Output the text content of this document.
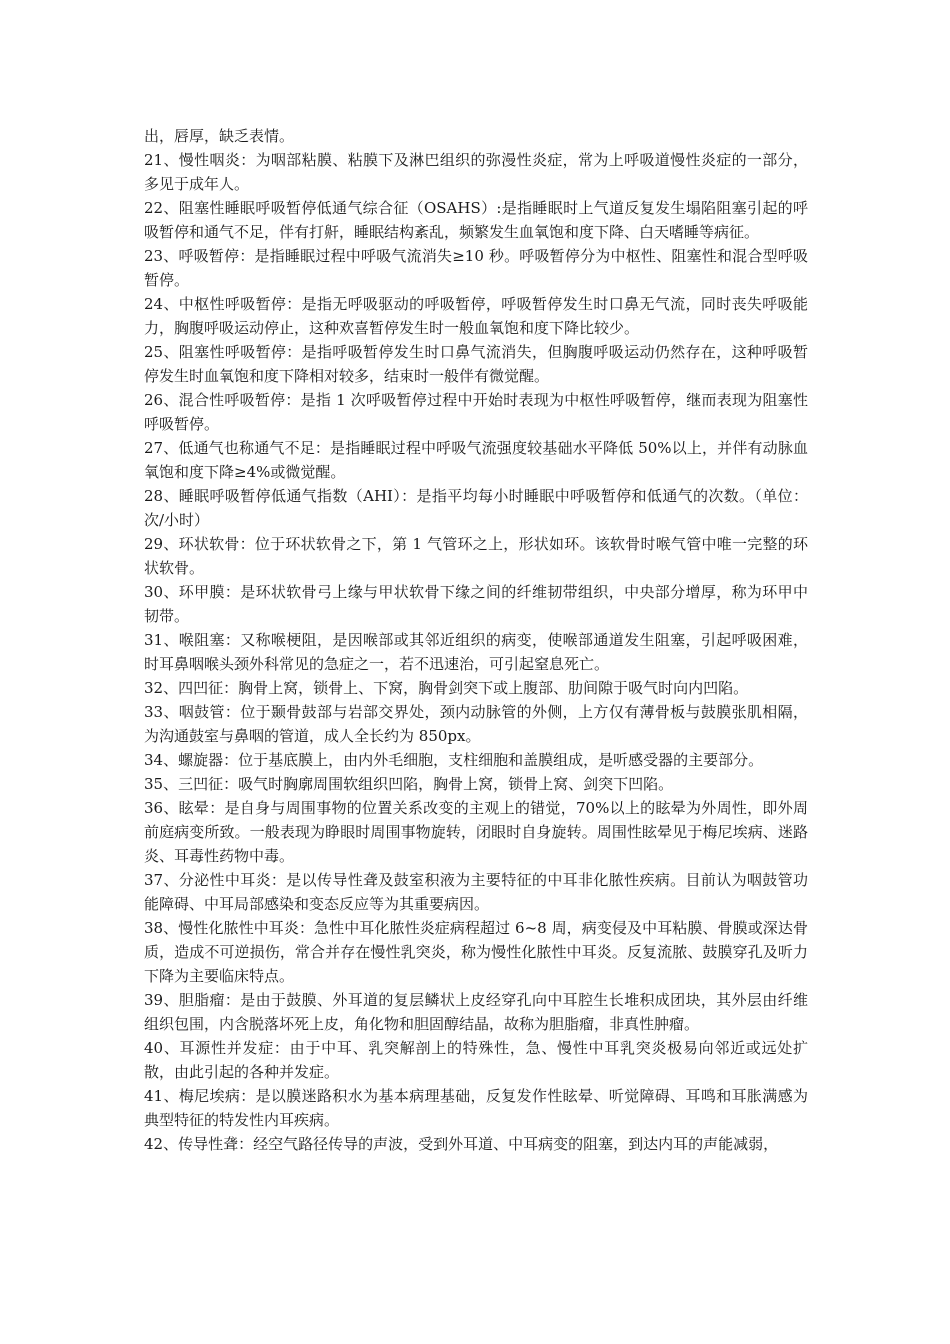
出，唇厚，缺乏表情。

21、慢性咽炎：为咽部粘膜、粘膜下及淋巴组织的弥漫性炎症，常为上呼吸道慢性炎症的一部分，多见于成年人。

22、阻塞性睡眠呼吸暂停低通气综合征（OSAHS）:是指睡眠时上气道反复发生塌陷阻塞引起的呼吸暂停和通气不足，伴有打鼾，睡眠结构紊乱，频繁发生血氧饱和度下降、白天嗜睡等病征。

23、呼吸暂停：是指睡眠过程中呼吸气流消失≥10 秒。呼吸暂停分为中枢性、阻塞性和混合型呼吸暂停。

24、中枢性呼吸暂停：是指无呼吸驱动的呼吸暂停，呼吸暂停发生时口鼻无气流，同时丧失呼吸能力，胸腹呼吸运动停止，这种欢喜暂停发生时一般血氧饱和度下降比较少。

25、阻塞性呼吸暂停：是指呼吸暂停发生时口鼻气流消失，但胸腹呼吸运动仍然存在，这种呼吸暂停发生时血氧饱和度下降相对较多，结束时一般伴有微觉醒。

26、混合性呼吸暂停：是指 1 次呼吸暂停过程中开始时表现为中枢性呼吸暂停，继而表现为阻塞性呼吸暂停。

27、低通气也称通气不足：是指睡眠过程中呼吸气流强度较基础水平降低 50%以上，并伴有动脉血氧饱和度下降≥4%或微觉醒。

28、睡眠呼吸暂停低通气指数（AHI）：是指平均每小时睡眠中呼吸暂停和低通气的次数。（单位：次/小时）

29、环状软骨：位于环状软骨之下，第 1 气管环之上，形状如环。该软骨时喉气管中唯一完整的环状软骨。

30、环甲膜：是环状软骨弓上缘与甲状软骨下缘之间的纤维韧带组织，中央部分增厚，称为环甲中韧带。

31、喉阻塞：又称喉梗阻，是因喉部或其邻近组织的病变，使喉部通道发生阻塞，引起呼吸困难，时耳鼻咽喉头颈外科常见的急症之一，若不迅速治，可引起窒息死亡。

32、四凹征：胸骨上窝，锁骨上、下窝，胸骨剑突下或上腹部、肋间隙于吸气时向内凹陷。

33、咽鼓管：位于颞骨鼓部与岩部交界处，颈内动脉管的外侧，上方仅有薄骨板与鼓膜张肌相隔，为沟通鼓室与鼻咽的管道，成人全长约为 850px。

34、螺旋器：位于基底膜上，由内外毛细胞，支柱细胞和盖膜组成，是听感受器的主要部分。

35、三凹征：吸气时胸廓周围软组织凹陷，胸骨上窝，锁骨上窝、剑突下凹陷。

36、眩晕：是自身与周围事物的位置关系改变的主观上的错觉，70%以上的眩晕为外周性，即外周前庭病变所致。一般表现为睁眼时周围事物旋转，闭眼时自身旋转。周围性眩晕见于梅尼埃病、迷路炎、耳毒性药物中毒。

37、分泌性中耳炎：是以传导性聋及鼓室积液为主要特征的中耳非化脓性疾病。目前认为咽鼓管功能障碍、中耳局部感染和变态反应等为其重要病因。

38、慢性化脓性中耳炎：急性中耳化脓性炎症病程超过 6~8 周，病变侵及中耳粘膜、骨膜或深达骨质，造成不可逆损伤，常合并存在慢性乳突炎，称为慢性化脓性中耳炎。反复流脓、鼓膜穿孔及听力下降为主要临床特点。

39、胆脂瘤：是由于鼓膜、外耳道的复层鳞状上皮经穿孔向中耳腔生长堆积成团块，其外层由纤维组织包围，内含脱落坏死上皮，角化物和胆固醇结晶，故称为胆脂瘤，非真性肿瘤。

40、耳源性并发症：由于中耳、乳突解剖上的特殊性，急、慢性中耳乳突炎极易向邻近或远处扩散，由此引起的各种并发症。

41、梅尼埃病：是以膜迷路积水为基本病理基础，反复发作性眩晕、听觉障碍、耳鸣和耳胀满感为典型特征的特发性内耳疾病。

42、传导性聋：经空气路径传导的声波，受到外耳道、中耳病变的阻塞，到达内耳的声能减弱，
